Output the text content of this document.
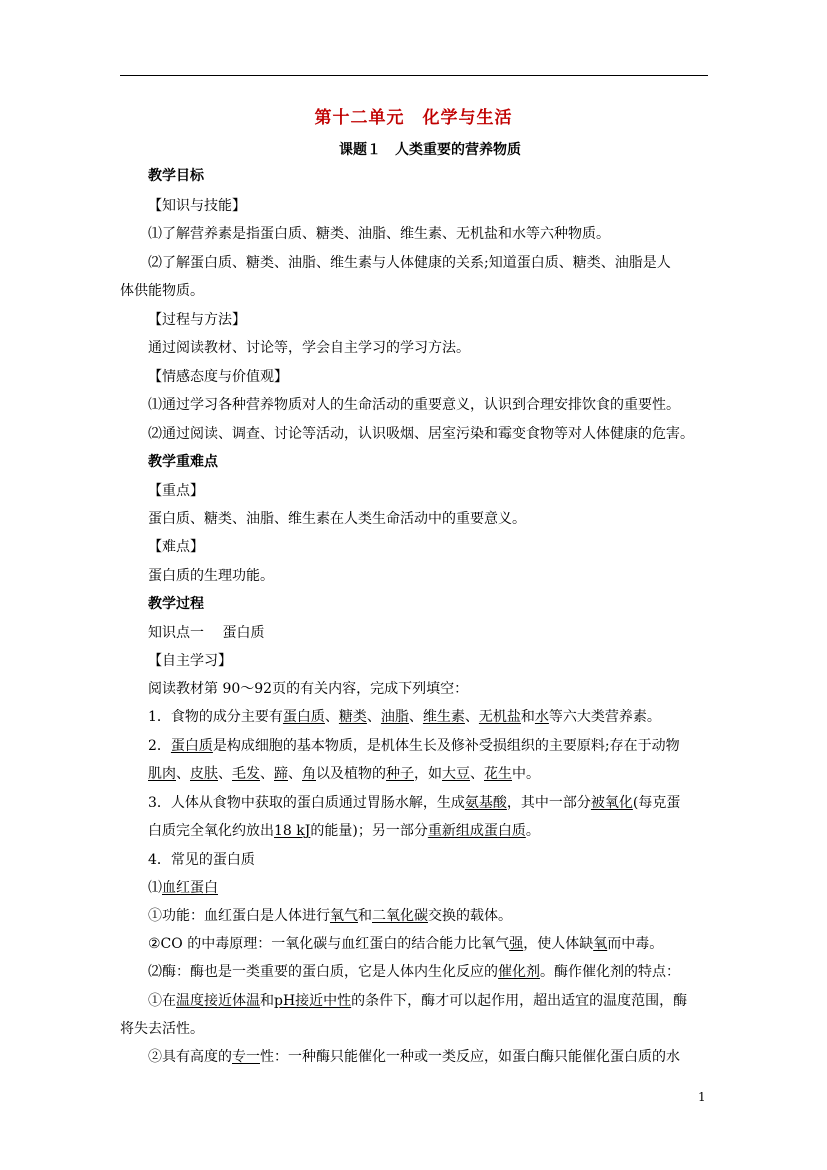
第十二单元　化学与生活
课题１　人类重要的营养物质
教学目标
【知识与技能】
⑴了解营养素是指蛋白质、糖类、油脂、维生素、无机盐和水等六种物质。
⑵了解蛋白质、糖类、油脂、维生素与人体健康的关系;知道蛋白质、糖类、油脂是人
体供能物质。
【过程与方法】
通过阅读教材、讨论等，学会自主学习的学习方法。
【情感态度与价值观】
⑴通过学习各种营养物质对人的生命活动的重要意义，认识到合理安排饮食的重要性。
⑵通过阅读、调查、讨论等活动，认识吸烟、居室污染和霉变食物等对人体健康的危害。
教学重难点
【重点】
蛋白质、糖类、油脂、维生素在人类生命活动中的重要意义。
【难点】
蛋白质的生理功能。
教学过程
知识点一　 蛋白质
【自主学习】
阅读教材第 90～92页的有关内容，完成下列填空：
1．食物的成分主要有蛋白质、糖类、油脂、维生素、无机盐和水等六大类营养素。
2．蛋白质是构成细胞的基本物质，是机体生长及修补受损组织的主要原料;存在于动物
肌肉、皮肤、毛发、蹄、角以及植物的种子，如大豆、花生中。
3．人体从食物中获取的蛋白质通过胃肠水解，生成氨基酸，其中一部分被氧化(每克蛋
白质完全氧化约放出18 kJ的能量)；另一部分重新组成蛋白质。
4．常见的蛋白质
⑴血红蛋白
①功能：血红蛋白是人体进行氧气和二氧化碳交换的载体。
②CO 的中毒原理：一氧化碳与血红蛋白的结合能力比氧气强，使人体缺氧而中毒。
⑵酶：酶也是一类重要的蛋白质，它是人体内生化反应的催化剂。酶作催化剂的特点：
①在温度接近体温和pH接近中性的条件下，酶才可以起作用，超出适宜的温度范围，酶
将失去活性。
②具有高度的专一性：一种酶只能催化一种或一类反应，如蛋白酶只能催化蛋白质的水
1
